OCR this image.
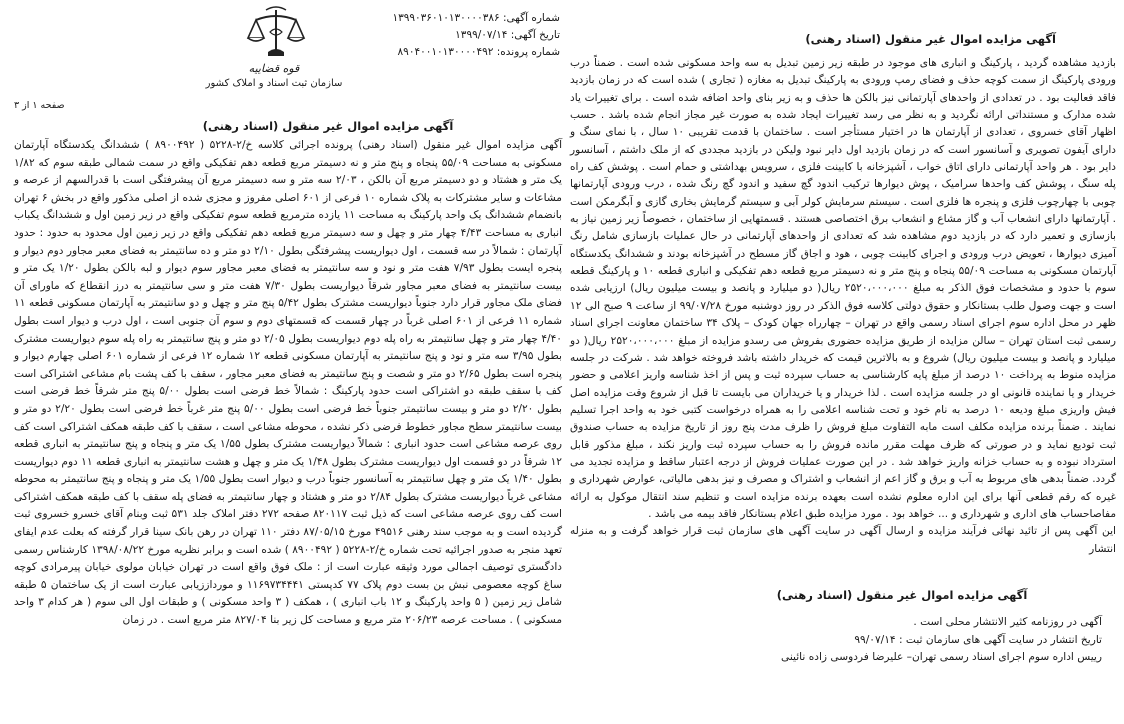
شماره آگهی: ۱۳۹۹۰۳۶۰۱۰۱۳۰۰۰۰۳۸۶
تاریخ آگهی: ۱۳۹۹/۰۷/۱۴
شماره پرونده: ۸۹۰۴۰۰۱۰۱۳۰۰۰۰۴۹۲
قوه قضاییه
سازمان ثبت اسناد و املاک کشور
صفحه ۱ از ۳
آگهی مزایده اموال غیر منقول (اسناد رهنی)
آگهی مزایده اموال غیر منقول (اسناد رهنی) پرونده اجرائی کلاسه خ/۲-۵۲۲۸ ( ۸۹۰۰۴۹۲ ) ششدانگ یکدستگاه آپارتمان مسکونی به مساحت ۵۵/۰۹ پنجاه و پنج متر و نه دسیمتر مربع قطعه دهم تفکیکی واقع در سمت شمالی طبقه سوم که ۱/۸۲ یک متر و هشتاد و دو دسیمتر مربع آن بالکن ، ۲/۰۳ سه متر و سه دسیمتر مربع آن پیشرفتگی است با قدرالسهم از عرصه و مشاعات و سایر مشترکات به پلاک شماره ۱۰ فرعی از ۶۰۱ اصلی مفروز و مجزی شده از اصلی مذکور واقع در بخش ۶ تهران بانضمام ششدانگ یک واحد پارکینگ به مساحت ۱۱ یازده مترمربع قطعه سوم تفکیکی واقع در زیر زمین اول و ششدانگ یکباب انباری به مساحت ۴/۴۳ چهار متر و چهل و سه دسیمتر مربع قطعه دهم تفکیکی واقع در زیر زمین اول محدود به حدود : حدود آپارتمان : شمالاً در سه قسمت ، اول دیواریست پیشرفتگی بطول ۲/۱۰ دو متر و ده سانتیمتر به فضای معبر مجاور دوم دیوار و پنجره ایست بطول ۷/۹۳ هفت متر و نود و سه سانتیمتر به فضای معبر مجاور سوم دیوار و لبه بالکن بطول ۱/۲۰ یک متر و بیست سانتیمتر به فضای معبر مجاور شرقاً دیواریست بطول ۷/۳۰ هفت متر و سی سانتیمتر به درز انقطاع که ماورای آن فضای ملک مجاور قرار دارد جنوباً دیواریست مشترک بطول ۵/۴۲ پنج متر و چهل و دو سانتیمتر به آپارتمان مسکونی قطعه ۱۱ شماره ۱۱ فرعی از ۶۰۱ اصلی غرباً در چهار قسمت که قسمتهای دوم و سوم آن جنوبی است ، اول درب و دیوار است بطول ۴/۴۰ چهار متر و چهل سانتیمتر به راه پله دوم دیواریست بطول ۲/۰۵ دو متر و پنج سانتیمتر به راه پله سوم دیواریست مشترک بطول ۳/۹۵ سه متر و نود و پنج سانتیمتر به آپارتمان مسکونی قطعه ۱۲ شماره ۱۲ فرعی از شماره ۶۰۱ اصلی چهارم دیوار و پنجره است بطول ۲/۶۵ دو متر و شصت و پنج سانتیمتر به فضای معبر مجاور ، سقف با کف پشت بام مشاعی اشتراکی است کف با سقف طبقه دو اشتراکی است حدود پارکینگ : شمالاً خط فرضی است بطول ۵/۰۰ پنج متر شرقاً خط فرضی است بطول ۲/۲۰ دو متر و بیست سانتیمتر جنوباً خط فرضی است بطول ۵/۰۰ پنج متر غرباً خط فرضی است بطول ۲/۲۰ دو متر و بیست سانتیمتر سطح مجاور خطوط فرضی ذکر نشده ، محوطه مشاعی است ، سقف با کف طبقه همکف اشتراکی است کف روی عرصه مشاعی است حدود انباری : شمالاً دیواریست مشترک بطول ۱/۵۵ یک متر و پنجاه و پنج سانتیمتر به انباری قطعه ۱۲ شرقاً در دو قسمت اول دیواریست مشترک بطول ۱/۴۸ یک متر و چهل و هشت سانتیمتر به انباری قطعه ۱۱ دوم دیواریست بطول ۱/۴۰ یک متر و چهل سانتیمتر به آسانسور جنوباً درب و دیوار است بطول ۱/۵۵ یک متر و پنجاه و پنج سانتیمتر به محوطه مشاعی غرباً دیواریست مشترک بطول ۲/۸۴ دو متر و هشتاد و چهار سانتیمتر به فضای پله سقف با کف طبقه همکف اشتراکی است کف روی عرصه مشاعی است که ذیل ثبت ۸۲۰۱۱۷ صفحه ۲۷۲ دفتر املاک جلد ۵۳۱ ثبت وبنام آقای خسرو خسروی ثبت گردیده است و به موجب سند رهنی ۴۹۵۱۶ مورخ ۸۷/۰۵/۱۵ دفتر ۱۱۰ تهران در رهن بانک سینا قرار گرفته که بعلت عدم ایفای تعهد منجر به صدور اجرائیه تحت شماره خ/۲-۵۲۲۸ ( ۸۹۰۰۴۹۲ ) شده است و برابر نظریه مورخ ۱۳۹۸/۰۸/۲۲ کارشناس رسمی دادگستری توصیف اجمالی مورد وثیقه عبارت است از : ملک فوق واقع است در تهران خیابان مولوی خیابان پیرمرادی کوچه ساغ کوچه معصومی نبش بن بست دوم پلاک ۷۷ کدپستی ۱۱۶۹۷۳۴۴۴۱ و مورداززیابی عبارت است از یک ساختمان ۵ طبقه شامل زیر زمین ( ۵ واحد پارکینگ و ۱۲ باب انباری ) ، همکف ( ۳ واحد مسکونی ) و طبقات اول الی سوم ( هر کدام ۳ واحد مسکونی ) . مساحت عرصه ۲۰۶/۲۳ متر مربع و مساحت کل زیر بنا ۸۲۷/۰۴ متر مربع است . در زمان
آگهی مزایده اموال غیر منقول (اسناد رهنی)
بازدید مشاهده گردید ، پارکینگ و انباری های موجود در طبقه زیر زمین تبدیل به سه واحد مسکونی شده است . ضمناً درب ورودی پارکینگ از سمت کوچه حذف و فضای رمپ ورودی به پارکینگ تبدیل به مغازه ( تجاری ) شده است که در زمان بازدید فاقد فعالیت بود . در تعدادی از واحدهای آپارتمانی نیز بالکن ها حذف و به زیر بنای واحد اضافه شده است . برای تغییرات یاد شده مدارک و مستنداتی ارائه نگردید و به نظر می رسد تغییرات ایجاد شده به صورت غیر مجاز انجام شده باشد . حسب اظهار آقای خسروی ، تعدادی از آپارتمان ها در اختیار مستأجر است . ساختمان با قدمت تقریبی ۱۰ سال ، با نمای سنگ و دارای آیفون تصویری و آسانسور است که در زمان بازدید اول دایر نبود ولیکن در بازدید مجددی که از ملک داشتم ، آسانسور دایر بود . هر واحد آپارتمانی دارای اتاق خواب ، آشپزخانه با کابینت فلزی ، سرویس بهداشتی و حمام است . پوشش کف راه پله سنگ ، پوشش کف واحدها سرامیک ، پوش دیوارها ترکیب اندود گچ سفید و اندود گچ رنگ شده ، درب ورودی آپارتمانها چوبی با چهارچوب فلزی و پنجره ها فلزی است . سیستم سرمایش کولر آبی و سیستم گرمایش بخاری گازی و آبگرمکن است . آپارتمانها دارای انشعاب آب و گاز مشاع و انشعاب برق اختصاصی هستند . قسمتهایی از ساختمان ، خصوصاً زیر زمین نیاز به بازسازی و تعمیر دارد که در بازدید دوم مشاهده شد که تعدادی از واحدهای آپارتمانی در حال عملیات بازسازی شامل رنگ آمیزی دیوارها ، تعویض درب ورودی و اجرای کابینت چوبی ، هود و اجاق گاز مسطح در آشپزخانه بودند و ششدانگ یکدستگاه آپارتمان مسکونی به مساحت ۵۵/۰۹ پنجاه و پنج متر و نه دسیمتر مربع قطعه دهم تفکیکی و انباری قطعه ۱۰ و پارکینگ قطعه سوم با حدود و مشخصات فوق الذکر به مبلغ ۲۵۲۰،۰۰۰،۰۰۰ ریال( دو میلیارد و پانصد و بیست میلیون ریال) ارزیابی شده است و جهت وصول طلب بستانکار و حقوق دولتی کلاسه فوق الذکر در روز دوشنبه مورخ ۹۹/۰۷/۲۸ از ساعت ۹ صبح الی ۱۲ ظهر در محل اداره سوم اجرای اسناد رسمی واقع در تهران – چهارراه جهان کودک – پلاک ۳۴ ساختمان معاونت اجرای اسناد رسمی ثبت استان تهران – سالن مزایده از طریق مزایده حضوری بفروش می رسدو مزایده از مبلغ ۲۵۲۰،۰۰۰،۰۰۰ ریال( دو میلیارد و پانصد و بیست میلیون ریال) شروع و به بالاترین قیمت که خریدار داشته باشد فروخته خواهد شد . شرکت در جلسه مزایده منوط به پرداخت ۱۰ درصد از مبلغ پایه کارشناسی به حساب سپرده ثبت و پس از اخذ شناسه واریز اعلامی و حضور خریدار و یا نماینده قانونی او در جلسه مزایده است . لذا خریدار و یا خریداران می بایست تا قبل از شروع وقت مزایده اصل فیش واریزی مبلغ ودیعه ۱۰ درصد به نام خود و تحت شناسه اعلامی را به همراه درخواست کتبی خود به واحد اجرا تسلیم نمایند . ضمناً برنده مزایده مکلف است مابه التفاوت مبلغ فروش را ظرف مدت پنج روز از تاریخ مزایده به حساب صندوق ثبت تودیع نماید و در صورتی که ظرف مهلت مقرر مانده فروش را به حساب سپرده ثبت واریز نکند ، مبلغ مذکور قابل استرداد نبوده و به حساب خزانه واریز خواهد شد . در این صورت عملیات فروش از درجه اعتبار ساقط و مزایده تجدید می گردد. ضمناً بدهی های مربوط به آب و برق و گاز اعم از انشعاب و اشتراک و مصرف و نیز بدهی مالیاتی، عوارض شهرداری و غیره که رقم قطعی آنها برای این اداره معلوم نشده است بعهده برنده مزایده است و تنظیم سند انتقال موکول به ارائه مفاصاحساب های اداری و شهرداری و ... خواهد بود . مورد مزایده طبق اعلام بستانکار فاقد بیمه می باشد .
این آگهی پس از تائید نهائی فرآیند مزایده و ارسال آگهی در سایت آگهی های سازمان ثبت قرار خواهد گرفت و به منزله انتشار
آگهی مزایده اموال غیر منقول (اسناد رهنی)
آگهی در روزنامه کثیر الانتشار محلی است .
تاریخ انتشار در سایت آگهی های سازمان ثبت : ۹۹/۰۷/۱۴
رییس اداره سوم اجرای اسناد رسمی تهران– علیرضا فردوسی زاده نائینی
